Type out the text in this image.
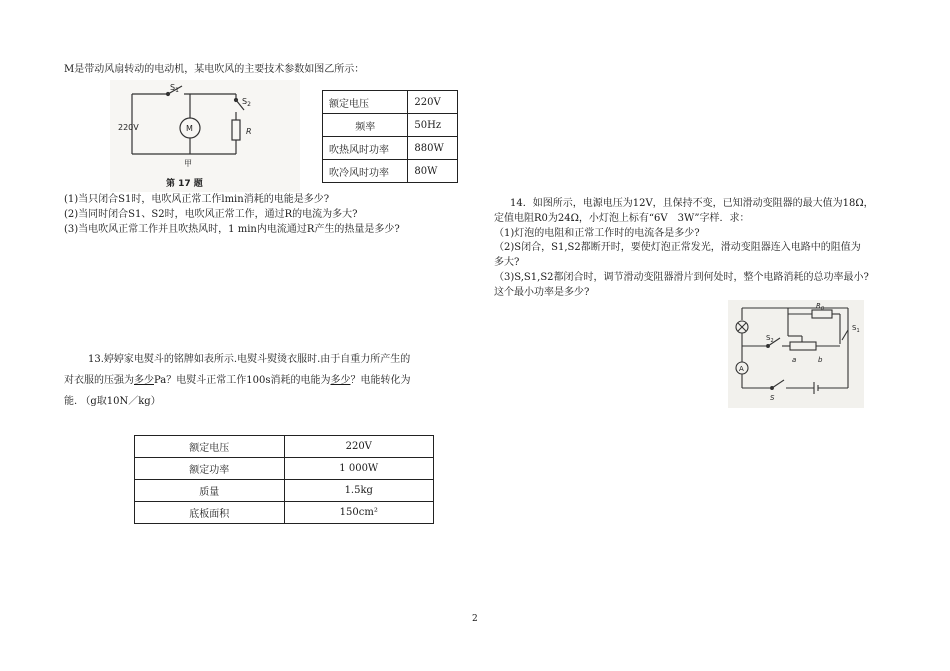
M是带动风扇转动的电动机，某电吹风的主要技术参数如图乙所示：
$S_1$
$S_2$
220V	M	R
甲
第 17 题
额定电压	220V
频率	50Hz
吹热风时功率	880W
吹冷风时功率	80W
(1)当只闭合S1时，电吹风正常工作lmin消耗的电能是多少?
(2)当同时闭合S1、S2时，电吹风正常工作，通过R的电流为多大?
(3)当电吹风正常工作并且吹热风时，1 min内电流通过R产生的热量是多少?
13.婷婷家电熨斗的铭牌如表所示.电熨斗熨烫衣服时.由于自重力所产生的
对衣服的压强为多少Pa？电熨斗正常工作100s消耗的电能为多少？电能转化为
能. （g取10N／kg）
额定电压	220V
额定功率	1 000W
质量	1.5kg
底板面积	150cm²
14．如图所示，电源电压为12V，且保持不变，已知滑动变阻器的最大值为18Ω，
定值电阻R0为24Ω，小灯泡上标有“6V　3W”字样．求：
（1)灯泡的电阻和正常工作时的电流各是多少?
（2)S闭合，S1,S2都断开时，要使灯泡正常发光，滑动变阻器连入电路中的阻值为
多大?
（3)S,S1,S2都闭合时，调节滑动变阻器滑片到何处时，整个电路消耗的总功率最小?
这个最小功率是多少?
$R_0$
$S_1$
$S_2$
a	b
A
S
2
